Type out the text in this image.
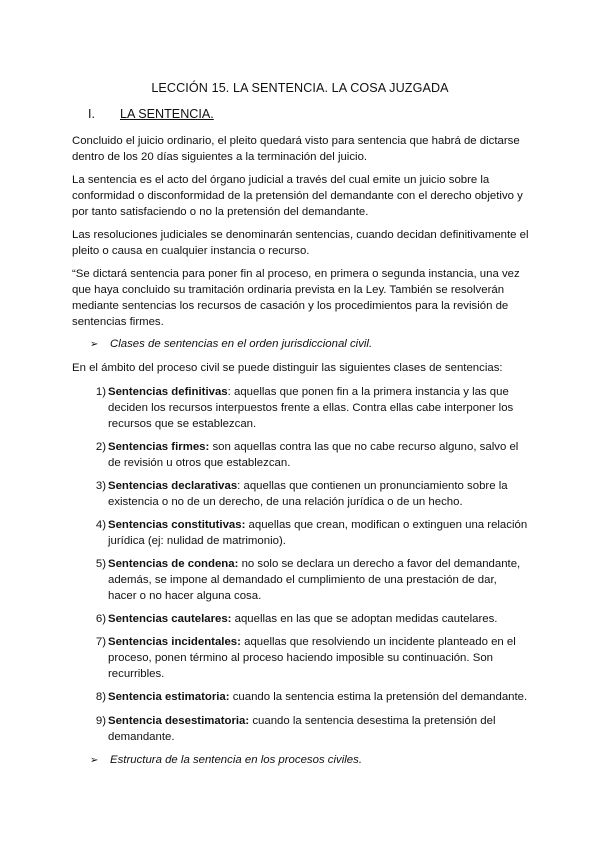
LECCIÓN 15. LA SENTENCIA. LA COSA JUZGADA
I. LA SENTENCIA.

Concluido el juicio ordinario, el pleito quedará visto para sentencia que habrá de dictarse dentro de los 20 días siguientes a la terminación del juicio.

La sentencia es el acto del órgano judicial a través del cual emite un juicio sobre la conformidad o disconformidad de la pretensión del demandante con el derecho objetivo y por tanto satisfaciendo o no la pretensión del demandante.

Las resoluciones judiciales se denominarán sentencias, cuando decidan definitivamente el pleito o causa en cualquier instancia o recurso.

“Se dictará sentencia para poner fin al proceso, en primera o segunda instancia, una vez que haya concluido su tramitación ordinaria prevista en la Ley. También se resolverán mediante sentencias los recursos de casación y los procedimientos para la revisión de sentencias firmes.

➢ Clases de sentencias en el orden jurisdiccional civil.

En el ámbito del proceso civil se puede distinguir las siguientes clases de sentencias:

1) Sentencias definitivas: aquellas que ponen fin a la primera instancia y las que deciden los recursos interpuestos frente a ellas. Contra ellas cabe interponer los recursos que se establezcan.
2) Sentencias firmes: son aquellas contra las que no cabe recurso alguno, salvo el de revisión u otros que establezcan.
3) Sentencias declarativas: aquellas que contienen un pronunciamiento sobre la existencia o no de un derecho, de una relación jurídica o de un hecho.
4) Sentencias constitutivas: aquellas que crean, modifican o extinguen una relación jurídica (ej: nulidad de matrimonio).
5) Sentencias de condena: no solo se declara un derecho a favor del demandante, además, se impone al demandado el cumplimiento de una prestación de dar, hacer o no hacer alguna cosa.
6) Sentencias cautelares: aquellas en las que se adoptan medidas cautelares.
7) Sentencias incidentales: aquellas que resolviendo un incidente planteado en el proceso, ponen término al proceso haciendo imposible su continuación. Son recurribles.
8) Sentencia estimatoria: cuando la sentencia estima la pretensión del demandante.
9) Sentencia desestimatoria: cuando la sentencia desestima la pretensión del demandante.
➢ Estructura de la sentencia en los procesos civiles.
